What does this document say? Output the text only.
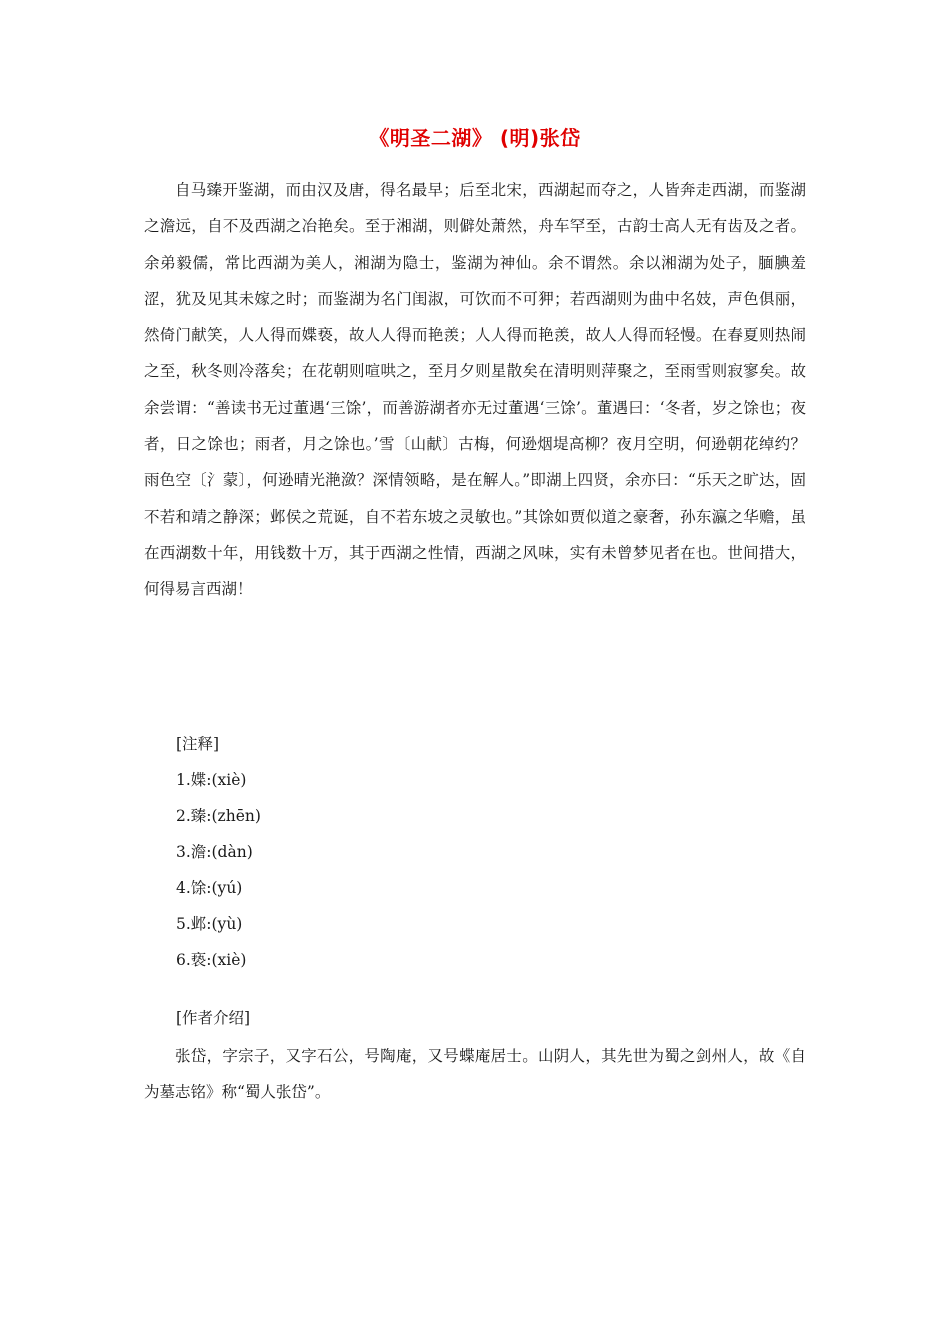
《明圣二湖》 (明)张岱
自马臻开鉴湖，而由汉及唐，得名最早；后至北宋，西湖起而夺之，人皆奔走西湖，而鉴湖之澹远，自不及西湖之冶艳矣。至于湘湖，则僻处萧然，舟车罕至，古韵士高人无有齿及之者。余弟毅儒，常比西湖为美人，湘湖为隐士，鉴湖为神仙。余不谓然。余以湘湖为处子，腼腆羞涩，犹及见其未嫁之时；而鉴湖为名门闺淑，可饮而不可狎；若西湖则为曲中名妓，声色俱丽，然倚门献笑，人人得而媟亵，故人人得而艳羡；人人得而艳羡，故人人得而轻慢。在春夏则热闹之至，秋冬则冷落矣；在花朝则喧哄之，至月夕则星散矣在清明则萍聚之，至雨雪则寂寥矣。故余尝谓：“善读书无过董遇‘三馀’，而善游湖者亦无过董遇‘三馀’。董遇曰：‘冬者，岁之馀也；夜者，日之馀也；雨者，月之馀也。’雪〔山献〕古梅，何逊烟堤高柳？夜月空明，何逊朝花绰约？雨色空〔氵蒙〕，何逊晴光滟潋？深情领略，是在解人。”即湖上四贤，余亦曰：“乐天之旷达，固不若和靖之静深；邺侯之荒诞，自不若东坡之灵敏也。”其馀如贾似道之豪奢，孙东瀛之华赡，虽在西湖数十年，用钱数十万，其于西湖之性情，西湖之风味，实有未曾梦见者在也。世间措大，何得易言西湖！
[注释]
1.媟:(xiè)
2.臻:(zhēn)
3.澹:(dàn)
4.馀:(yú)
5.邺:(yù)
6.亵:(xiè)
[作者介绍]
张岱，字宗子，又字石公，号陶庵，又号蝶庵居士。山阴人，其先世为蜀之剑州人，故《自为墓志铭》称“蜀人张岱”。
